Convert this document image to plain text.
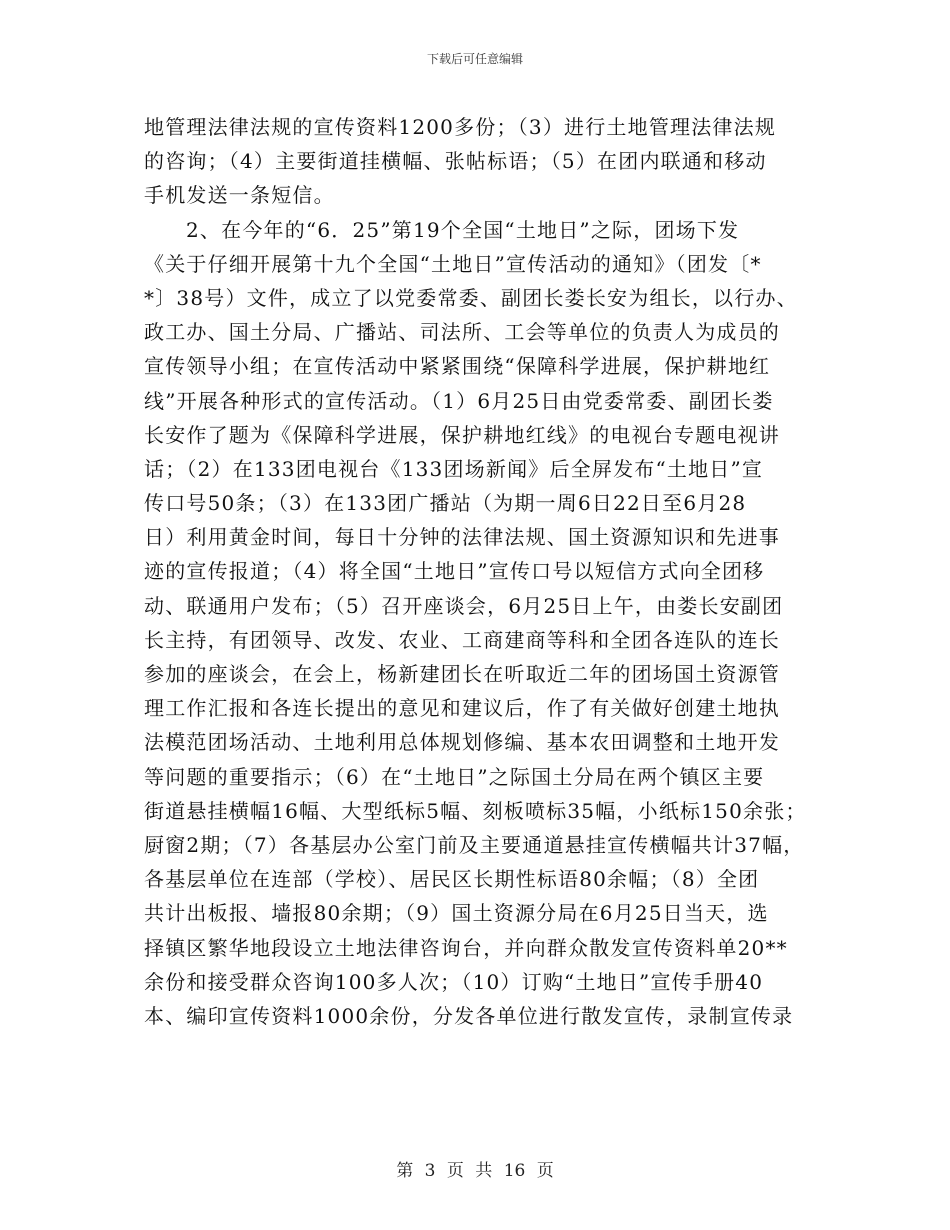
下载后可任意编辑
地管理法律法规的宣传资料1200多份；（3）进行土地管理法律法规
的咨询；（4）主要街道挂横幅、张帖标语；（5）在团内联通和移动
手机发送一条短信。
2、在今年的“6．25”第19个全国“土地日”之际，团场下发
《关于仔细开展第十九个全国“土地日”宣传活动的通知》（团发〔*
*〕38号）文件，成立了以党委常委、副团长娄长安为组长，以行办、
政工办、国土分局、广播站、司法所、工会等单位的负责人为成员的
宣传领导小组；在宣传活动中紧紧围绕“保障科学进展，保护耕地红
线”开展各种形式的宣传活动。（1）6月25日由党委常委、副团长娄
长安作了题为《保障科学进展，保护耕地红线》的电视台专题电视讲
话；（2）在133团电视台《133团场新闻》后全屏发布“土地日”宣
传口号50条；（3）在133团广播站（为期一周6日22日至6月28
日）利用黄金时间，每日十分钟的法律法规、国土资源知识和先进事
迹的宣传报道；（4）将全国“土地日”宣传口号以短信方式向全团移
动、联通用户发布；（5）召开座谈会，6月25日上午，由娄长安副团
长主持，有团领导、改发、农业、工商建商等科和全团各连队的连长
参加的座谈会，在会上，杨新建团长在听取近二年的团场国土资源管
理工作汇报和各连长提出的意见和建议后，作了有关做好创建土地执
法模范团场活动、土地利用总体规划修编、基本农田调整和土地开发
等问题的重要指示；（6）在“土地日”之际国土分局在两个镇区主要
街道悬挂横幅16幅、大型纸标5幅、刻板喷标35幅，小纸标150余张；
厨窗2期；（7）各基层办公室门前及主要通道悬挂宣传横幅共计37幅，
各基层单位在连部（学校）、居民区长期性标语80余幅；（8）全团
共计出板报、墙报80余期；（9）国土资源分局在6月25日当天，选
择镇区繁华地段设立土地法律咨询台，并向群众散发宣传资料单20**
余份和接受群众咨询100多人次；（10）订购“土地日”宣传手册40
本、编印宣传资料1000余份，分发各单位进行散发宣传，录制宣传录
第 3 页 共 16 页
